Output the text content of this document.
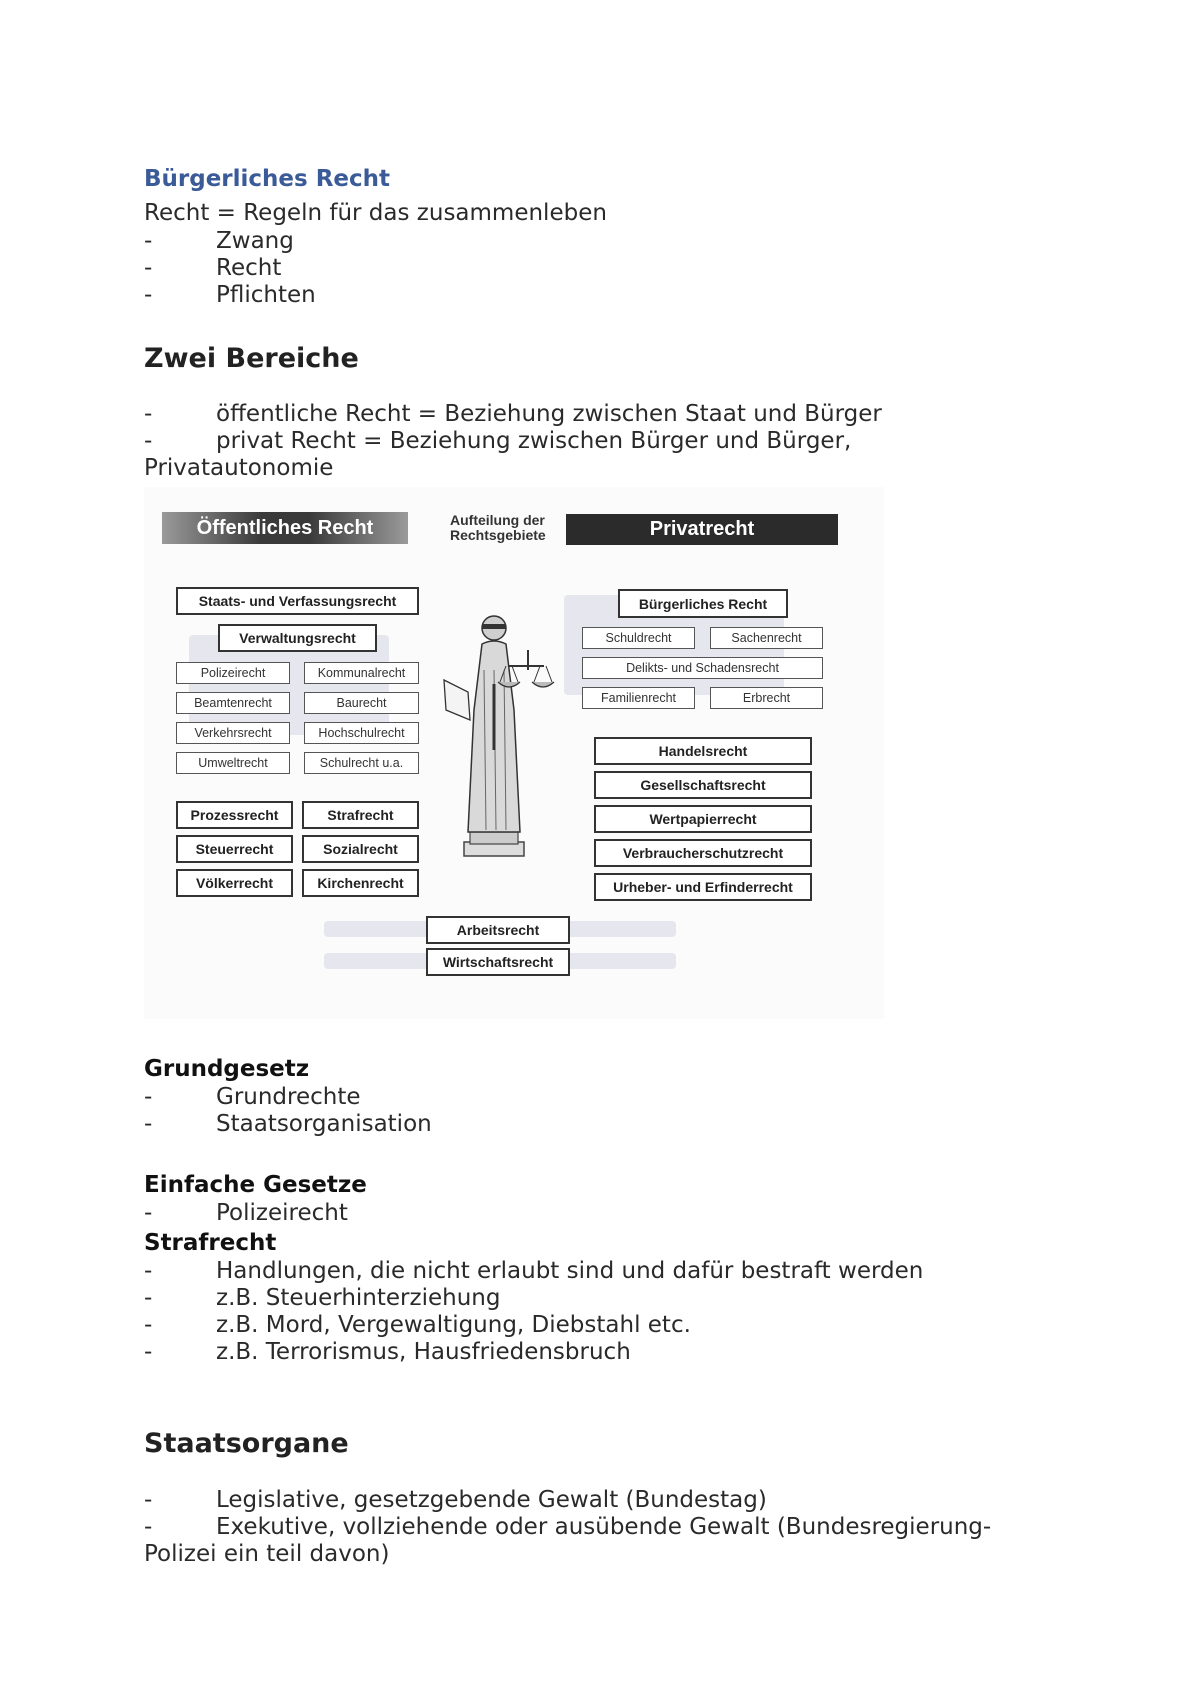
Bürgerliches Recht
Recht = Regeln für das zusammenleben
-	Zwang
-	Recht
-	Pflichten
Zwei Bereiche
-	öffentliche Recht = Beziehung zwischen Staat und Bürger
-	privat Recht = Beziehung zwischen Bürger und Bürger,
Privatautonomie
Öffentliches Recht	Aufteilung der
Rechtsgebiete	Privatrecht
Staats- und Verfassungsrecht
Verwaltungsrecht
Polizeirecht	Kommunalrecht
Beamtenrecht	Baurecht
Verkehrsrecht	Hochschulrecht
Umweltrecht	Schulrecht u.a.
Prozessrecht	Strafrecht
Steuerrecht	Sozialrecht
Völkerrecht	Kirchenrecht
Bürgerliches Recht
Schuldrecht	Sachenrecht
Delikts- und Schadensrecht
Familienrecht	Erbrecht
Handelsrecht
Gesellschaftsrecht
Wertpapierrecht
Verbraucherschutzrecht
Urheber- und Erfinderrecht
Arbeitsrecht
Wirtschaftsrecht
Grundgesetz
-	Grundrechte
-	Staatsorganisation
Einfache Gesetze
-	Polizeirecht
Strafrecht
-	Handlungen, die nicht erlaubt sind und dafür bestraft werden
-	z.B. Steuerhinterziehung
-	z.B. Mord, Vergewaltigung, Diebstahl etc.
-	z.B. Terrorismus, Hausfriedensbruch
Staatsorgane
-	Legislative, gesetzgebende Gewalt (Bundestag)
-	Exekutive, vollziehende oder ausübende Gewalt (Bundesregierung-
Polizei ein teil davon)
